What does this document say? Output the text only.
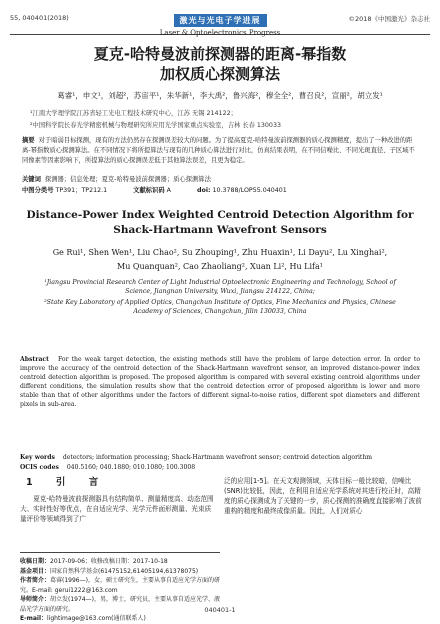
55, 040401(2018)	激光与光电子学进展
Laser & Optoelectronics Progress
©2018《中国激光》杂志社
夏克-哈特曼波前探测器的距离-幂指数
加权质心探测算法
葛睿¹，申文¹，刘超²，苏宙平¹，朱华新¹，李大禹²，鲁兴海²，穆全全²，曹召良²，宣丽²，胡立发¹
¹江南大学理学院江苏省轻工光电工程技术研究中心，江苏 无锡 214122；
²中国科学院长春光学精密机械与物理研究所应用光学国家重点实验室，吉林 长春 130033
摘要 对于暗弱目标探测，现有的方法仍然存在探测误差较大的问题。为了提高夏克-哈特曼波前探测器的质心探测精度，提出了一种改进的距离-幂指数质心探测算法。在不同情况下将所提算法与现有的几种质心算法进行对比，仿真结果表明，在不同信噪比、不同光斑直径、子区域不同像素等因素影响下，所提算法的质心探测误差低于其他算法误差，且更为稳定。
关键词 探测器；信息处理；夏克-哈特曼波前探测器；质心探测算法
中图分类号 TP391；TP212.1	文献标识码 A	doi: 10.3788/LOP55.040401
Distance-Power Index Weighted Centroid Detection Algorithm for
Shack-Hartmann Wavefront Sensors
Ge Rui¹, Shen Wen¹, Liu Chao², Su Zhouping¹, Zhu Huaxin¹, Li Dayu², Lu Xinghai²,
Mu Quanquan², Cao Zhaoliang², Xuan Li², Hu Lifa¹
¹Jiangsu Provincial Research Center of Light Industrial Optoelectronic Engineering and Technology, School of Science, Jiangnan University, Wuxi, Jiangsu 214122, China;
²State Key Laboratory of Applied Optics, Changchun Institute of Optics, Fine Mechanics and Physics, Chinese Academy of Sciences, Changchun, Jilin 130033, China
Abstract For the weak target detection, the existing methods still have the problem of large detection error. In order to improve the accuracy of the centroid detection of the Shack-Hartmann wavefront sensor, an improved distance-power index centroid detection algorithm is proposed. The proposed algorithm is compared with several existing centroid algorithms under different conditions, the simulation results show that the centroid detection error of proposed algorithm is lower and more stable than that of other algorithms under the factors of different signal-to-noise ratios, different spot diameters and different pixels in sub-area.
Key words detectors; information processing; Shack-Hartmann wavefront sensor; centroid detection algorithm
OCIS codes 040.5160; 040.1880; 010.1080; 100.3008
1 引 言
夏克-哈特曼波前探测器具有结构简单、测量精度高、动态范围大、实时性好等优点，在自适应光学、光学元件面形测量、光束质量评价等领域得到了广
泛的应用[1-5]。在天文观测领域，天体目标一般比较暗，信噪比(SNR)比较低，因此，在利用自适应光学系统对其进行校正时，高精度的质心探测成为了关键的一步，质心探测的准确度直接影响了波前重构的精度和最终成像质量。因此，人们对质心
收稿日期：2017-09-06；收修改稿日期：2017-10-18
基金项目：国家自然科学基金(61475152,61405194,61378075)
作者简介：葛睿(1996—)，女，硕士研究生，主要从事自适应光学方面的研究。E-mail: gerui1222@163.com
导师简介：胡立发(1974—)，男，博士，研究员，主要从事自适应光学、液晶光学方面的研究。
E-mail：lightimage@163.com(通信联系人)
040401-1
